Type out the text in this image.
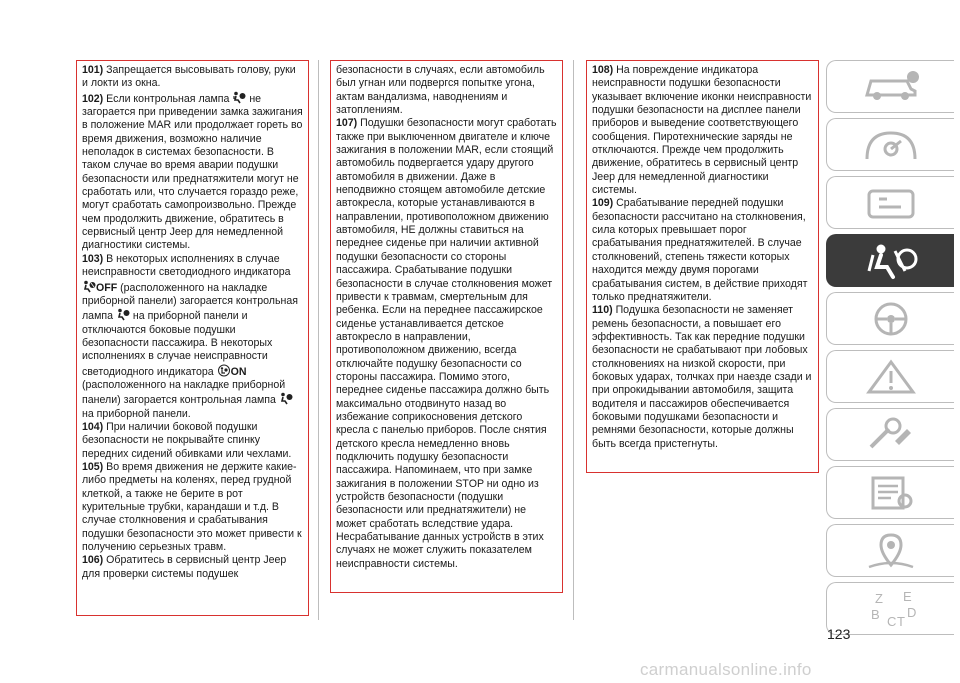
101) Запрещается высовывать голову, руки и локти из окна.

102) Если контрольная лампа
не загорается при приведении замка зажигания в положение MAR или продолжает гореть во время движения, возможно наличие неполадок в системах безопасности. В таком случае во время аварии подушки безопасности или преднатяжители могут не сработать или, что случается гораздо реже, могут сработать самопроизвольно. Прежде чем продолжить движение, обратитесь в сервисный центр Jeep для немедленной диагностики системы.

103) В некоторых исполнениях в случае неисправности светодиодного индикатора
OFF (расположенного на накладке приборной панели) загорается контрольная лампа
на приборной панели и отключаются боковые подушки безопасности пассажира. В некоторых исполнениях в случае неисправности светодиодного индикатора
ON (расположенного на накладке приборной панели) загорается контрольная лампа
на приборной панели.

104) При наличии боковой подушки безопасности не покрывайте спинку передних сидений обивками или чехлами.

105) Во время движения не держите какие-либо предметы на коленях, перед грудной клеткой, а также не берите в рот курительные трубки, карандаши и т.д. В случае столкновения и срабатывания подушки безопасности это может привести к получению серьезных травм.

106) Обратитесь в сервисный центр Jeep для проверки системы подушек

безопасности в случаях, если автомобиль был угнан или подвергся попытке угона, актам вандализма, наводнениям и затоплениям.

107) Подушки безопасности могут сработать также при выключенном двигателе и ключе зажигания в положении MAR, если стоящий автомобиль подвергается удару другого автомобиля в движении. Даже в неподвижно стоящем автомобиле детские автокресла, которые устанавливаются в направлении, противоположном движению автомобиля, НЕ должны ставиться на переднее сиденье при наличии активной подушки безопасности со стороны пассажира. Срабатывание подушки безопасности в случае столкновения может привести к травмам, смертельным для ребенка. Если на переднее пассажирское сиденье устанавливается детское автокресло в направлении, противоположном движению, всегда отключайте подушку безопасности со стороны пассажира. Помимо этого, переднее сиденье пассажира должно быть максимально отодвинуто назад во избежание соприкосновения детского кресла с панелью приборов. После снятия детского кресла немедленно вновь подключить подушку безопасности пассажира. Напоминаем, что при замке зажигания в положении STOP ни одно из устройств безопасности (подушки безопасности или преднатяжители) не может сработать вследствие удара. Несрабатывание данных устройств в этих случаях не может служить показателем неисправности системы.

108) На повреждение индикатора неисправности подушки безопасности указывает включение иконки неисправности подушки безопасности на дисплее панели приборов и выведение соответствующего сообщения. Пиротехнические заряды не отключаются. Прежде чем продолжить движение, обратитесь в сервисный центр Jeep для немедленной диагностики системы.

109) Срабатывание передней подушки безопасности рассчитано на столкновения, сила которых превышает порог срабатывания преднатяжителей. В случае столкновений, степень тяжести которых находится между двумя порогами срабатывания систем, в действие приходят только преднатяжители.

110) Подушка безопасности не заменяет ремень безопасности, а повышает его эффективность. Так как передние подушки безопасности не срабатывают при лобовых столкновениях на низкой скорости, при боковых ударах, толчках при наезде сзади и при опрокидывании автомобиля, защита водителя и пассажиров обеспечивается боковыми подушками безопасности и ремнями безопасности, которые должны быть всегда пристегнуты.

Z E
B C T
D
123
carmanualsonline.info
